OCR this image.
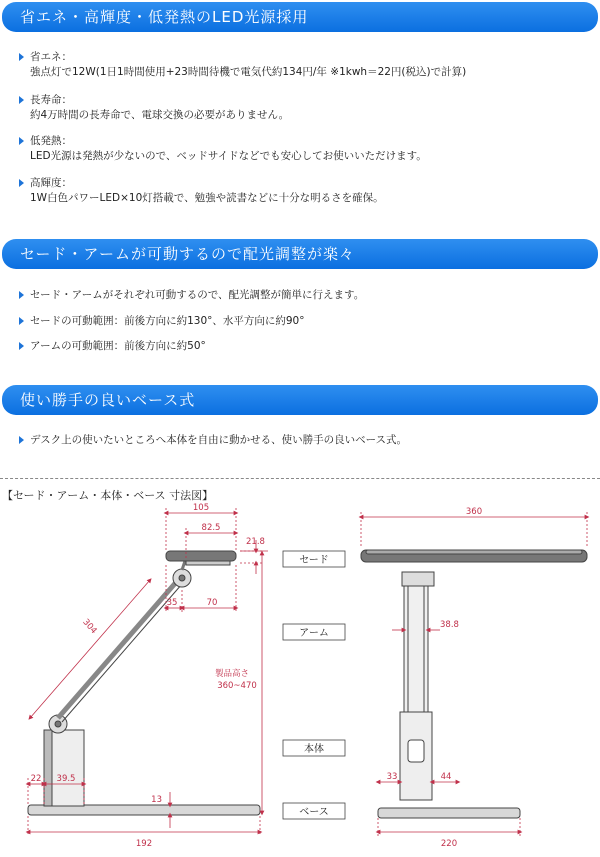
省エネ・高輝度・低発熱のLED光源採用
省エネ：
強点灯で12W(1日1時間使用+23時間待機で電気代約134円/年 ※1kwh＝22円(税込)で計算)
長寿命：
約4万時間の長寿命で、電球交換の必要がありません。
低発熱：
LED光源は発熱が少ないので、ベッドサイドなどでも安心してお使いいただけます。
高輝度：
1W白色パワーLED×10灯搭載で、勉強や読書などに十分な明るさを確保。
セード・アームが可動するので配光調整が楽々
セード・アームがそれぞれ可動するので、配光調整が簡単に行えます。
セードの可動範囲：前後方向に約130°、水平方向に約90°
アームの可動範囲：前後方向に約50°
使い勝手の良いベース式
デスク上の使いたいところへ本体を自由に動かせる、使い勝手の良いベース式。
【セード・アーム・本体・ベース 寸法図】
105
82.5
21.8
35	70
304
製品高さ
360~470
22 39.5
13
192
セード
アーム
本体
ベース
360
38.8
33	44
220
